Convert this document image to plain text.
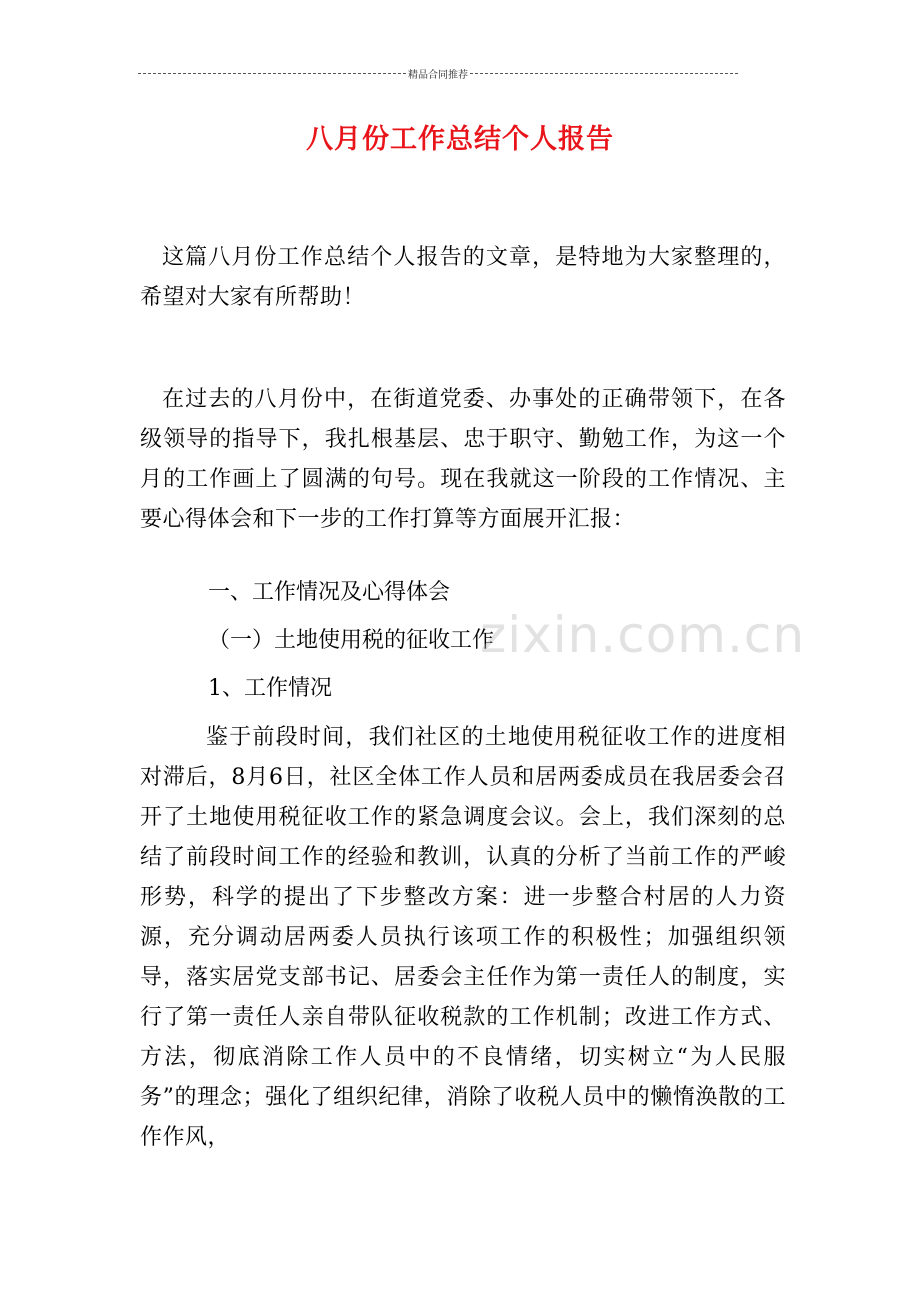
精品合同推荐
八月份工作总结个人报告

这篇八月份工作总结个人报告的文章，是特地为大家整理的，希望对大家有所帮助！

在过去的八月份中，在街道党委、办事处的正确带领下，在各级领导的指导下，我扎根基层、忠于职守、勤勉工作，为这一个月的工作画上了圆满的句号。现在我就这一阶段的工作情况、主要心得体会和下一步的工作打算等方面展开汇报：

一、工作情况及心得体会
（一）土地使用税的征收工作
1、工作情况

鉴于前段时间，我们社区的土地使用税征收工作的进度相对滞后，8月6日，社区全体工作人员和居两委成员在我居委会召开了土地使用税征收工作的紧急调度会议。会上，我们深刻的总结了前段时间工作的经验和教训，认真的分析了当前工作的严峻形势，科学的提出了下步整改方案：进一步整合村居的人力资源，充分调动居两委人员执行该项工作的积极性；加强组织领导，落实居党支部书记、居委会主任作为第一责任人的制度，实行了第一责任人亲自带队征收税款的工作机制；改进工作方式、方法，彻底消除工作人员中的不良情绪，切实树立“为人民服务”的理念；强化了组织纪律，消除了收税人员中的懒惰涣散的工作作风，

zixin.com.cn
